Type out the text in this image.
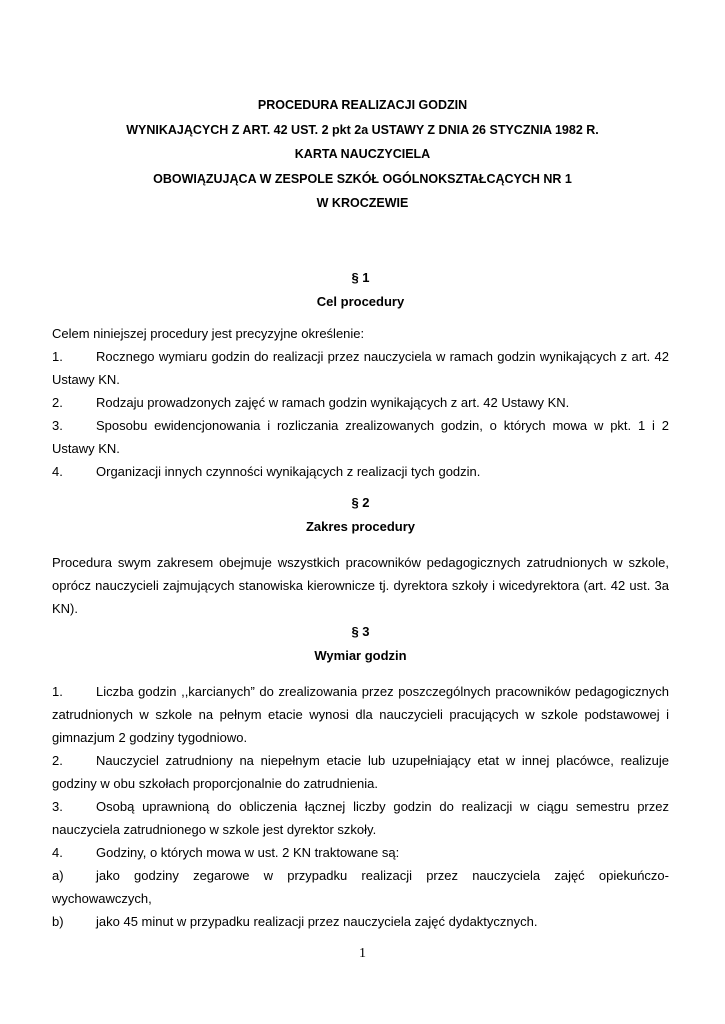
PROCEDURA REALIZACJI GODZIN
WYNIKAJĄCYCH Z ART. 42 UST. 2 pkt 2a USTAWY Z DNIA 26 STYCZNIA 1982 R.
KARTA NAUCZYCIELA
OBOWIĄZUJĄCA W ZESPOLE SZKÓŁ OGÓLNOKSZTAŁCĄCYCH NR 1
W KROCZEWIE
§ 1
Cel procedury
Celem niniejszej procedury jest precyzyjne określenie:
1.	Rocznego wymiaru godzin do realizacji przez nauczyciela w ramach godzin wynikających z art. 42 Ustawy KN.
2.	Rodzaju prowadzonych zajęć w ramach godzin wynikających z art. 42 Ustawy KN.
3.	Sposobu ewidencjonowania i rozliczania zrealizowanych godzin, o których mowa w pkt. 1 i 2 Ustawy KN.
4.	Organizacji innych czynności wynikających z realizacji tych godzin.
§ 2
Zakres procedury
Procedura swym zakresem obejmuje wszystkich pracowników pedagogicznych zatrudnionych w szkole, oprócz nauczycieli zajmujących stanowiska kierownicze tj. dyrektora szkoły i wicedyrektora (art. 42 ust. 3a KN).
§ 3
Wymiar godzin
1.	Liczba godzin ,,karcianych” do zrealizowania przez poszczególnych pracowników pedagogicznych zatrudnionych w szkole na pełnym etacie wynosi dla nauczycieli pracujących w szkole podstawowej i gimnazjum 2 godziny tygodniowo.
2.	Nauczyciel zatrudniony na niepełnym etacie lub uzupełniający etat w innej placówce, realizuje godziny w obu szkołach proporcjonalnie do zatrudnienia.
3.	Osobą uprawnioną do obliczenia łącznej liczby godzin do realizacji w ciągu semestru przez nauczyciela zatrudnionego w szkole jest dyrektor szkoły.
4.	Godziny, o których mowa w ust. 2 KN traktowane są:
a) jako godziny zegarowe w przypadku realizacji przez nauczyciela zajęć opiekuńczo-wychowawczych,
b) jako 45 minut w przypadku realizacji przez nauczyciela zajęć dydaktycznych.
1
